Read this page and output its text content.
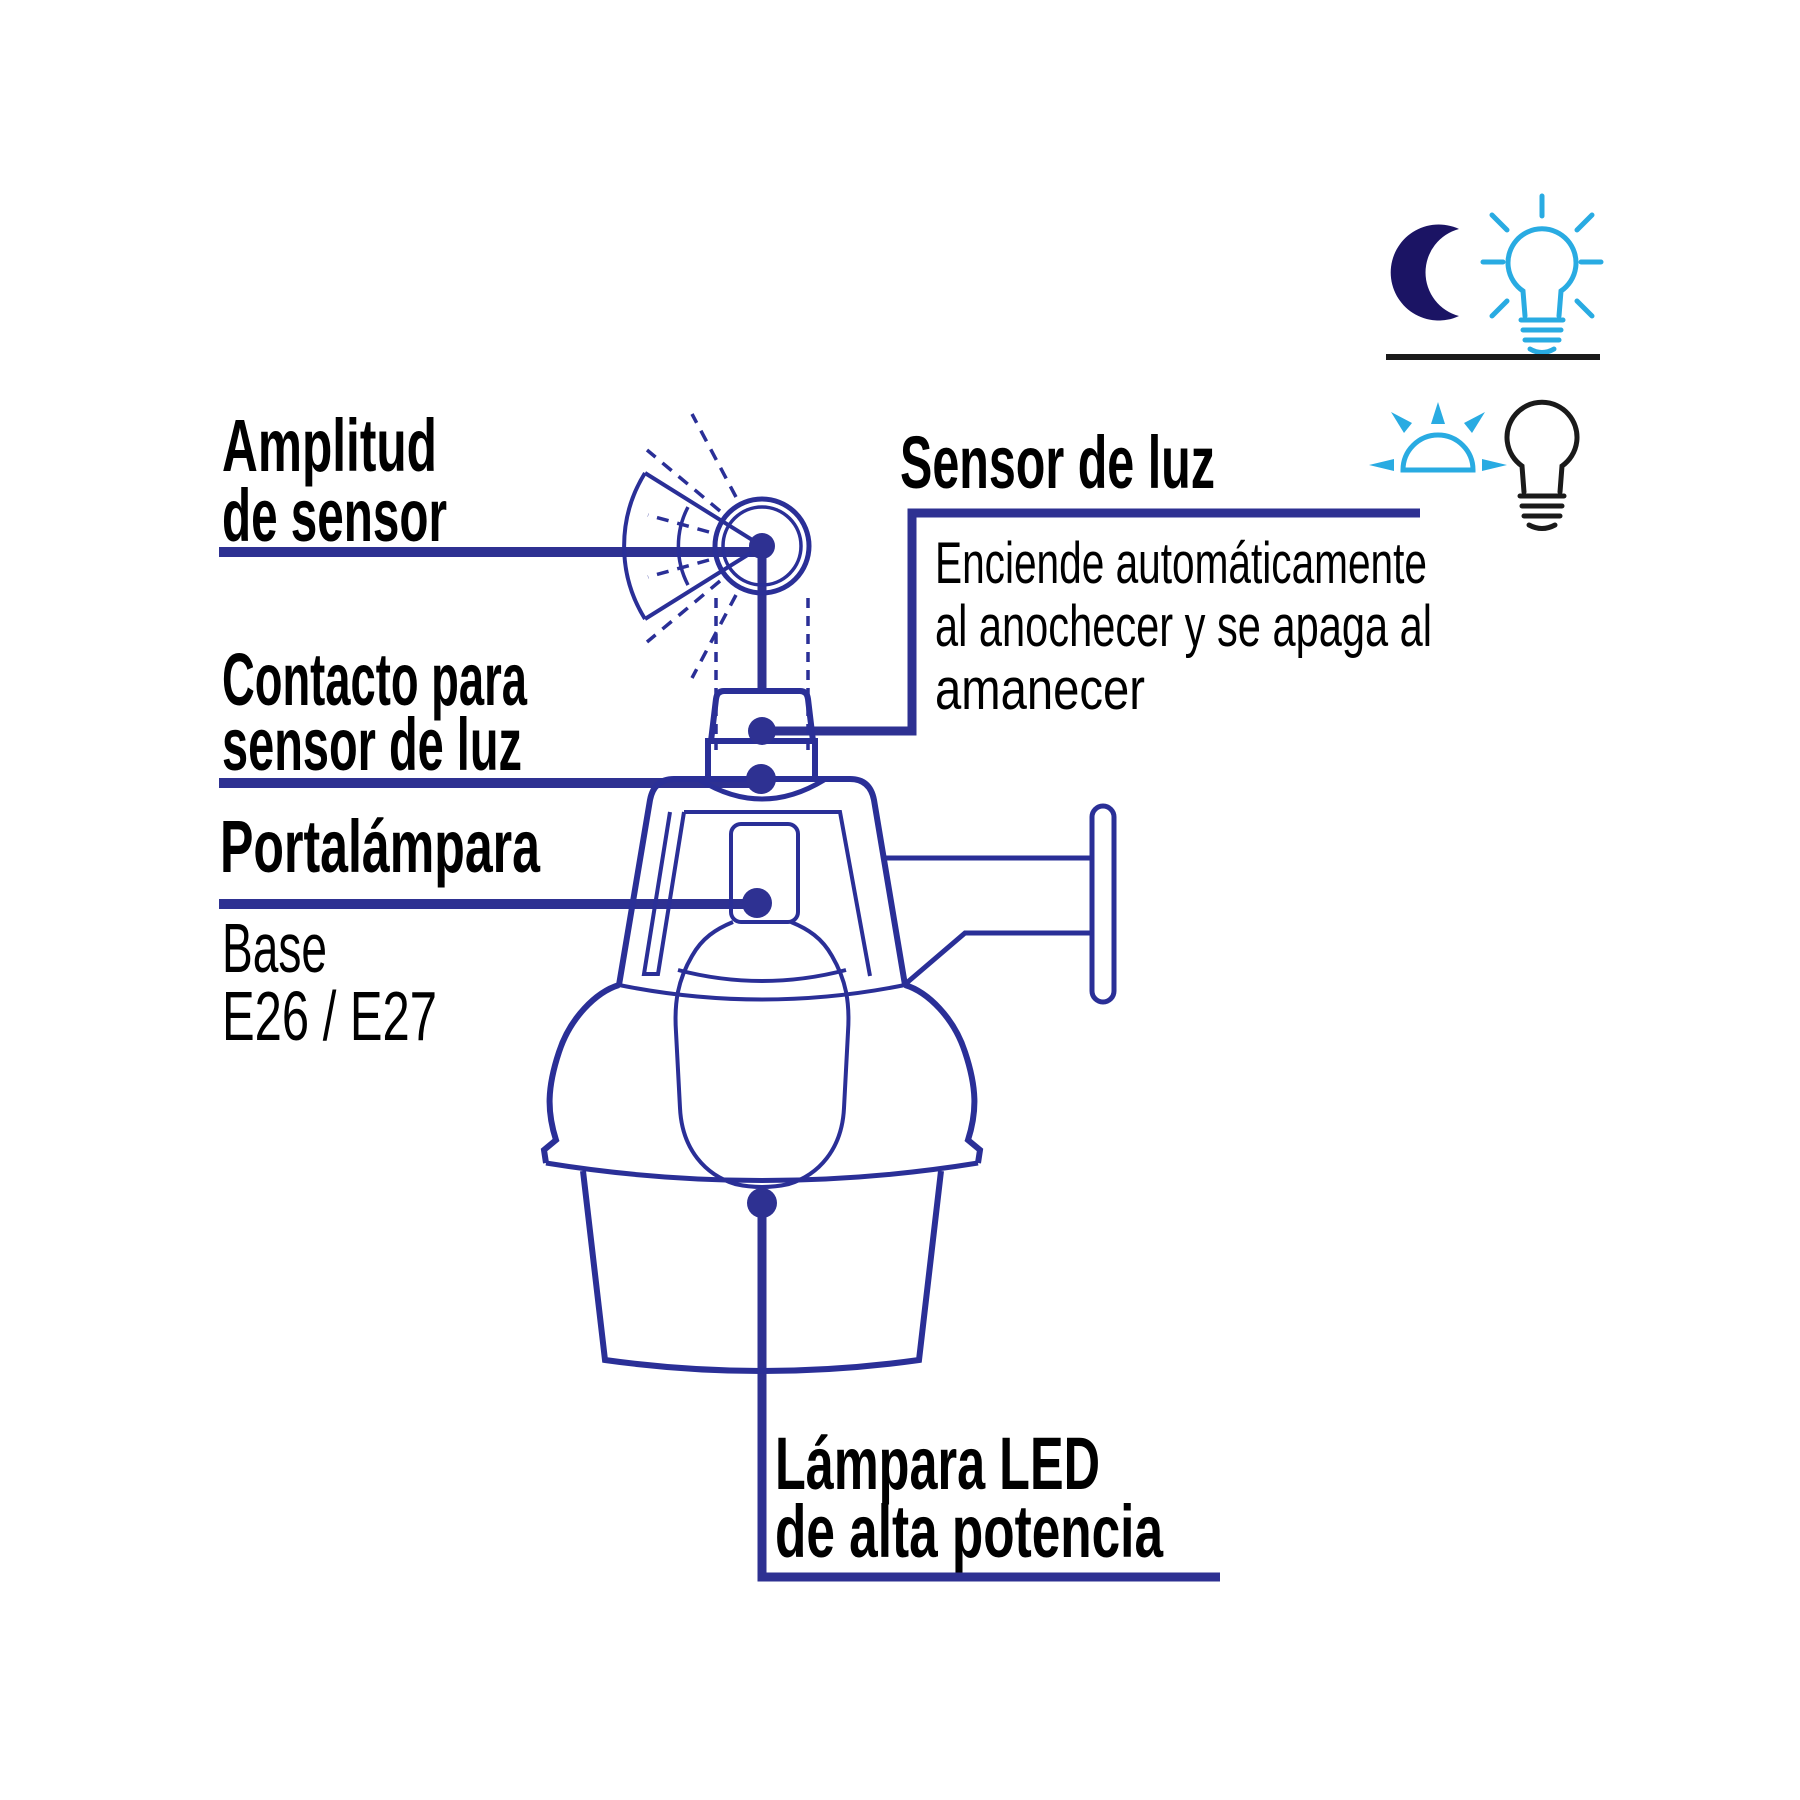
Amplitud
de sensor
Contacto para
sensor de luz
Portalámpara
Base
E26 / E27
Sensor de luz
Enciende automáticamente
al anochecer y se apaga al
amanecer
Lámpara LED
de alta potencia
